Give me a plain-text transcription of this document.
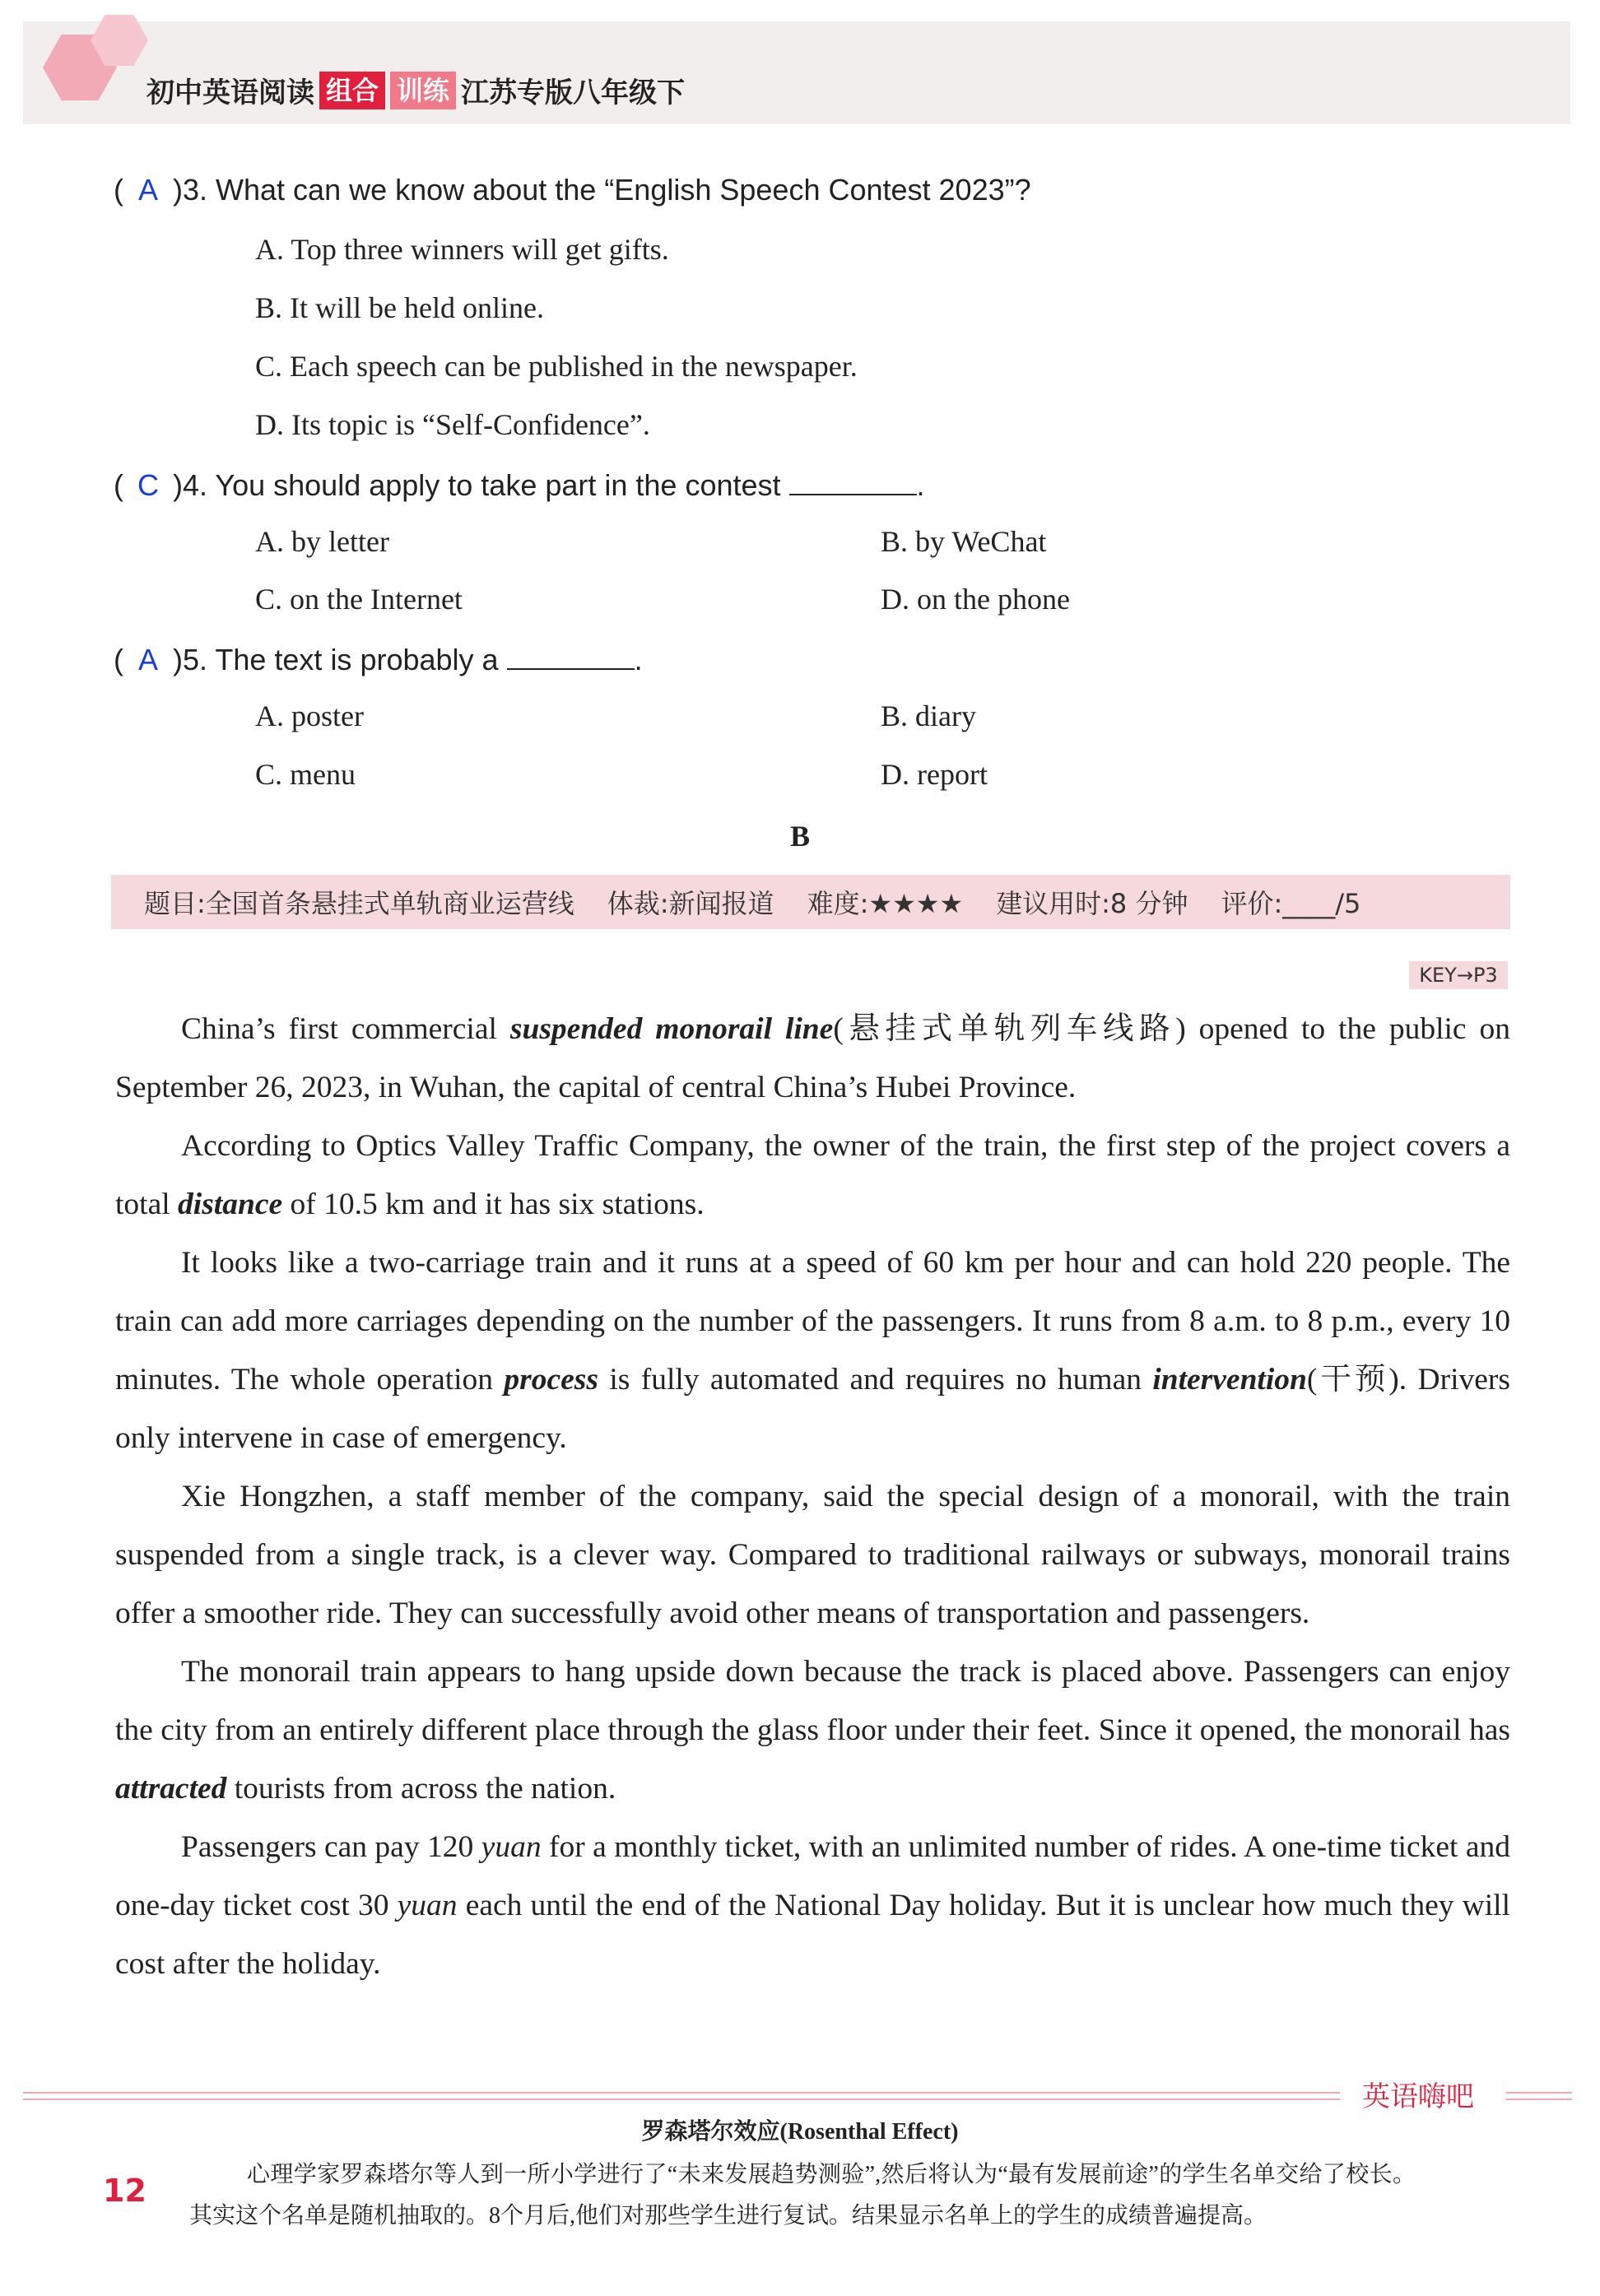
初中英语阅读 组合 训练 江苏专版八年级下
( A )3. What can we know about the “English Speech Contest 2023”?
A. Top three winners will get gifts.
B. It will be held online.
C. Each speech can be published in the newspaper.
D. Its topic is “Self-Confidence”.
( C )4. You should apply to take part in the contest	.
A. by letter	B. by WeChat
C. on the Internet	D. on the phone
( A )5. The text is probably a	.
A. poster	B. diary
C. menu	D. report
B
题目:全国首条悬挂式单轨商业运营线 体裁:新闻报道 难度:★★★★ 建议用时:8 分钟 评价:____/5
KEY→P3

China’s first commercial suspended monorail line(悬挂式单轨列车线路) opened to the public on September 26, 2023, in Wuhan, the capital of central China’s Hubei Province.

According to Optics Valley Traffic Company, the owner of the train, the first step of the project covers a total distance of 10.5 km and it has six stations.

It looks like a two-carriage train and it runs at a speed of 60 km per hour and can hold 220 people. The train can add more carriages depending on the number of the passengers. It runs from 8 a.m. to 8 p.m., every 10 minutes. The whole operation process is fully automated and requires no human intervention(干预). Drivers only intervene in case of emergency.

Xie Hongzhen, a staff member of the company, said the special design of a monorail, with the train suspended from a single track, is a clever way. Compared to traditional railways or subways, monorail trains offer a smoother ride. They can successfully avoid other means of transportation and passengers.

The monorail train appears to hang upside down because the track is placed above. Passengers can enjoy the city from an entirely different place through the glass floor under their feet. Since it opened, the monorail has attracted tourists from across the nation.

Passengers can pay 120 yuan for a monthly ticket, with an unlimited number of rides. A one-time ticket and one-day ticket cost 30 yuan each until the end of the National Day holiday. But it is unclear how much they will cost after the holiday.

英语嗨吧
罗森塔尔效应(Rosenthal Effect)
心理学家罗森塔尔等人到一所小学进行了“未来发展趋势测验”,然后将认为“最有发展前途”的学生名单交给了校长。其实这个名单是随机抽取的。8个月后,他们对那些学生进行复试。结果显示名单上的学生的成绩普遍提高。
12
